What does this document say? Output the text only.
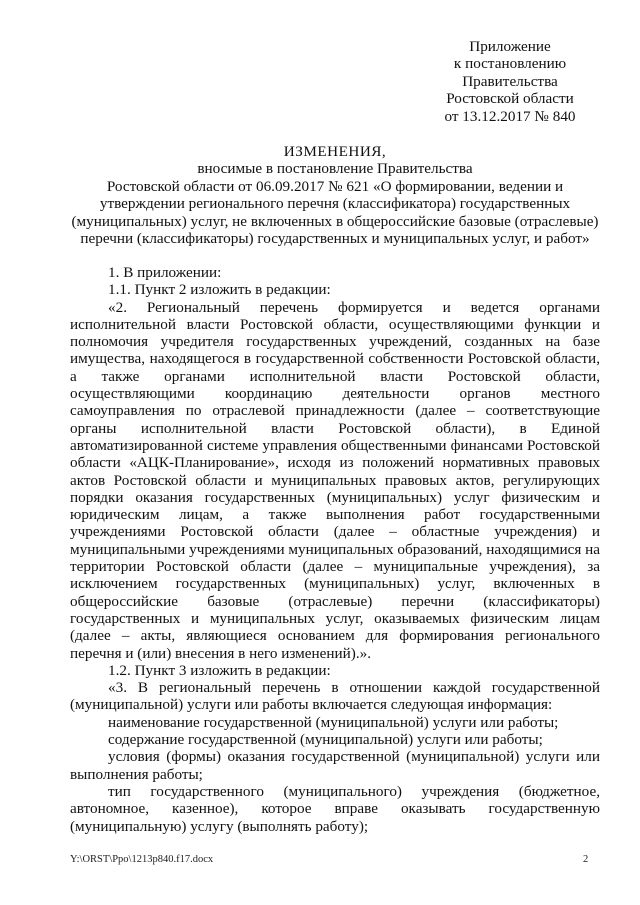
Приложение
к постановлению
Правительства
Ростовской области
от 13.12.2017 № 840
ИЗМЕНЕНИЯ,
вносимые в постановление Правительства
Ростовской области от 06.09.2017 № 621 «О формировании, ведении и
утверждении регионального перечня (классификатора) государственных
(муниципальных) услуг, не включенных в общероссийские базовые (отраслевые)
перечни (классификаторы) государственных и муниципальных услуг, и работ»

1. В приложении:

1.1. Пункт 2 изложить в редакции:

«2. Региональный перечень формируется и ведется органами исполнительной власти Ростовской области, осуществляющими функции и полномочия учредителя государственных учреждений, созданных на базе имущества, находящегося в государственной собственности Ростовской области, а также органами исполнительной власти Ростовской области, осуществляющими координацию деятельности органов местного самоуправления по отраслевой принадлежности (далее – соответствующие органы исполнительной власти Ростовской области), в Единой автоматизированной системе управления общественными финансами Ростовской области «АЦК-Планирование», исходя из положений нормативных правовых актов Ростовской области и муниципальных правовых актов, регулирующих порядки оказания государственных (муниципальных) услуг физическим и юридическим лицам, а также выполнения работ государственными учреждениями Ростовской области (далее – областные учреждения) и муниципальными учреждениями муниципальных образований, находящимися на территории Ростовской области (далее – муниципальные учреждения), за исключением государственных (муниципальных) услуг, включенных в общероссийские базовые (отраслевые) перечни (классификаторы) государственных и муниципальных услуг, оказываемых физическим лицам (далее – акты, являющиеся основанием для формирования регионального перечня и (или) внесения в него изменений).».

1.2. Пункт 3 изложить в редакции:

«3. В региональный перечень в отношении каждой государственной (муниципальной) услуги или работы включается следующая информация:

наименование государственной (муниципальной) услуги или работы;

содержание государственной (муниципальной) услуги или работы;

условия (формы) оказания государственной (муниципальной) услуги или выполнения работы;

тип государственного (муниципального) учреждения (бюджетное, автономное, казенное), которое вправе оказывать государственную (муниципальную) услугу (выполнять работу);

Y:\ORST\Ppo\1213p840.f17.docx	2
